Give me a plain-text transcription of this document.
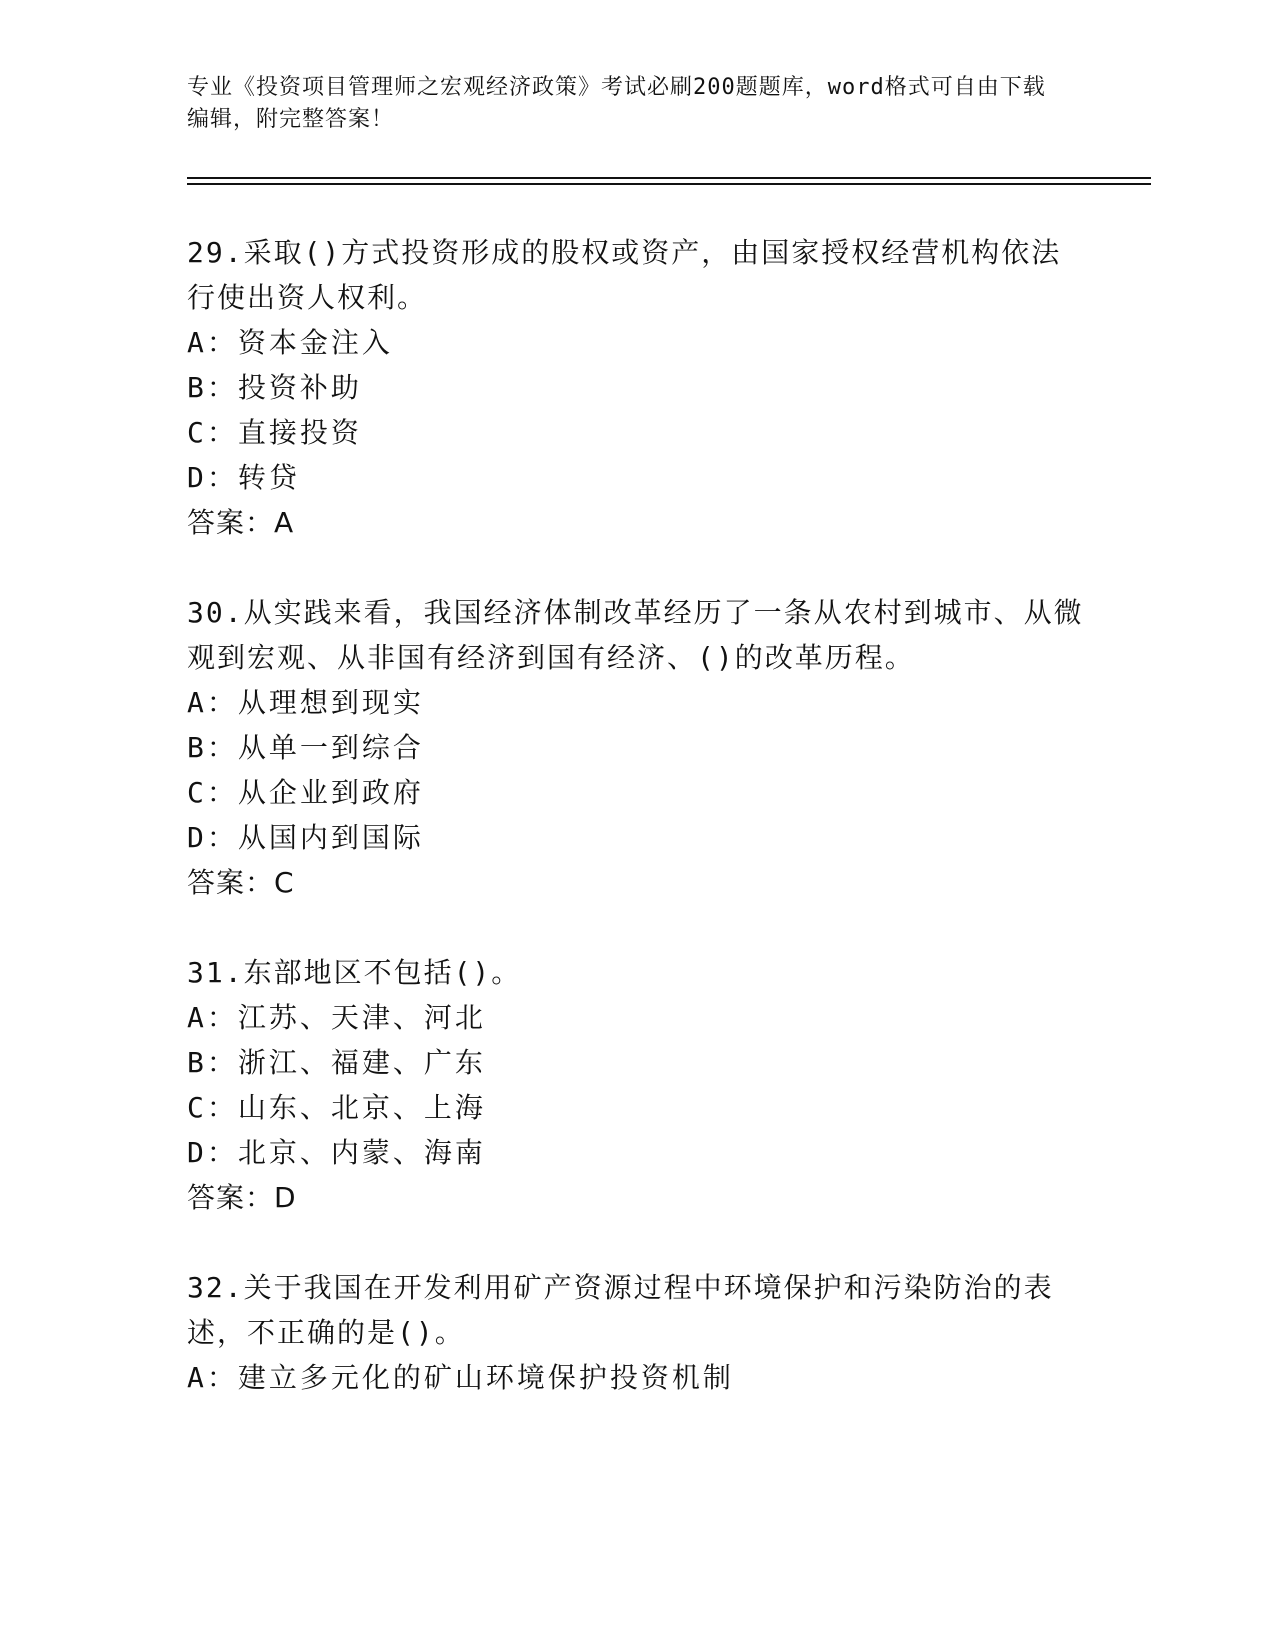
专业《投资项目管理师之宏观经济政策》考试必刷200题题库，word格式可自由下载编辑，附完整答案！

29.采取()方式投资形成的股权或资产，由国家授权经营机构依法行使出资人权利。

A：资本金注入

B：投资补助

C：直接投资

D：转贷

答案：A

30.从实践来看，我国经济体制改革经历了一条从农村到城市、从微观到宏观、从非国有经济到国有经济、()的改革历程。

A：从理想到现实

B：从单一到综合

C：从企业到政府

D：从国内到国际

答案：C

31.东部地区不包括()。

A：江苏、天津、河北

B：浙江、福建、广东

C：山东、北京、上海

D：北京、内蒙、海南

答案：D

32.关于我国在开发利用矿产资源过程中环境保护和污染防治的表述，不正确的是()。

A：建立多元化的矿山环境保护投资机制
